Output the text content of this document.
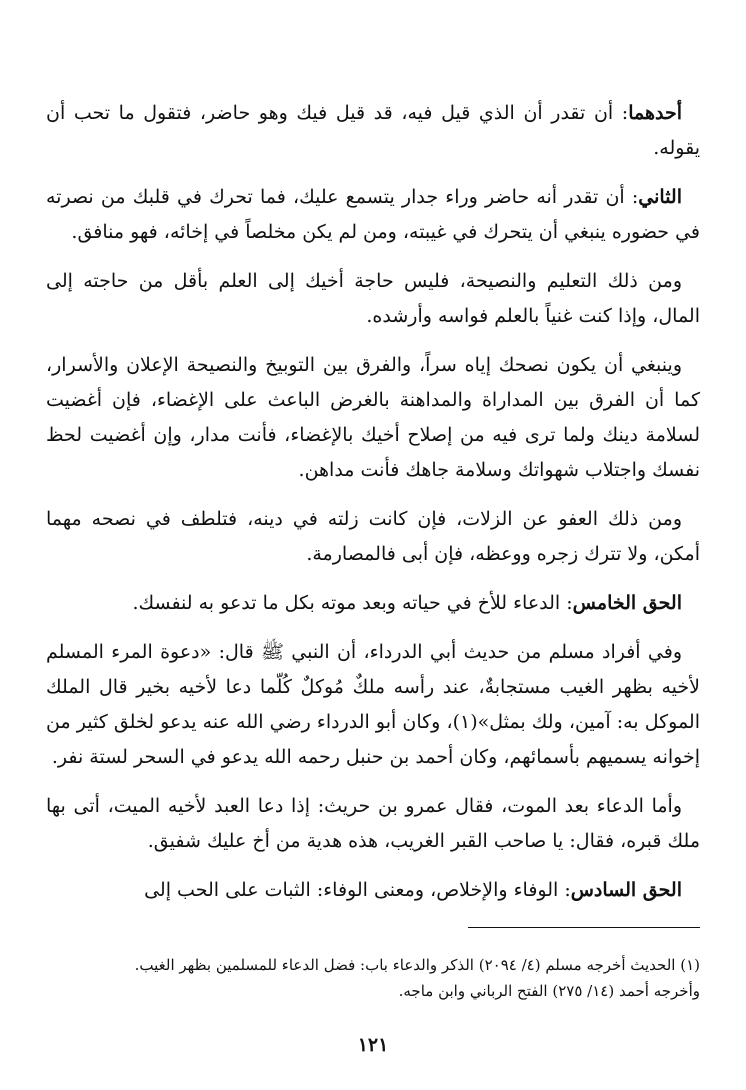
أحدهما: أن تقدر أن الذي قيل فيه، قد قيل فيك وهو حاضر، فتقول ما تحب أن يقوله.

الثاني: أن تقدر أنه حاضر وراء جدار يتسمع عليك، فما تحرك في قلبك من نصرته في حضوره ينبغي أن يتحرك في غيبته، ومن لم يكن مخلصاً في إخائه، فهو منافق.

ومن ذلك التعليم والنصيحة، فليس حاجة أخيك إلى العلم بأقل من حاجته إلى المال، وإذا كنت غنياً بالعلم فواسه وأرشده.

وينبغي أن يكون نصحك إياه سراً، والفرق بين التوبيخ والنصيحة الإعلان والأسرار، كما أن الفرق بين المداراة والمداهنة بالغرض الباعث على الإغضاء، فإن أغضيت لسلامة دينك ولما ترى فيه من إصلاح أخيك بالإغضاء، فأنت مدار، وإن أغضيت لحظ نفسك واجتلاب شهواتك وسلامة جاهك فأنت مداهن.

ومن ذلك العفو عن الزلات، فإن كانت زلته في دينه، فتلطف في نصحه مهما أمكن، ولا تترك زجره ووعظه، فإن أبى فالمصارمة.

الحق الخامس: الدعاء للأخ في حياته وبعد موته بكل ما تدعو به لنفسك.

وفي أفراد مسلم من حديث أبي الدرداء، أن النبي ﷺ قال: «دعوة المرء المسلم لأخيه بظهر الغيب مستجابةٌ، عند رأسه ملكٌ مُوكلٌ كُلّما دعا لأخيه بخير قال الملك الموكل به: آمين، ولك بمثل»(١)، وكان أبو الدرداء رضي الله عنه يدعو لخلق كثير من إخوانه يسميهم بأسمائهم، وكان أحمد بن حنبل رحمه الله يدعو في السحر لستة نفر.

وأما الدعاء بعد الموت، فقال عمرو بن حريث: إذا دعا العبد لأخيه الميت، أتى بها ملك قبره، فقال: يا صاحب القبر الغريب، هذه هدية من أخ عليك شفيق.

الحق السادس: الوفاء والإخلاص، ومعنى الوفاء: الثبات على الحب إلى

(١) الحديث أخرجه مسلم (٤/ ٢٠٩٤) الذكر والدعاء باب: فضل الدعاء للمسلمين بظهر الغيب.

وأخرجه أحمد (١٤/ ٢٧٥) الفتح الرباني وابن ماجه.

١٢١
